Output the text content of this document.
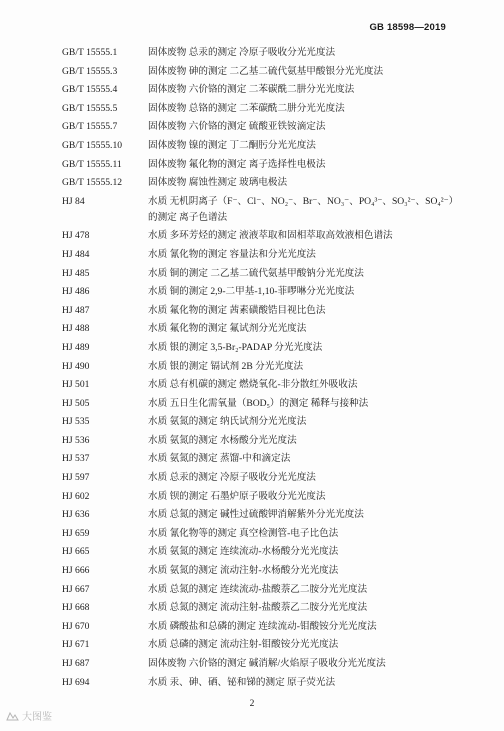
GB 18598—2019
GB/T 15555.1	固体废物 总汞的测定 冷原子吸收分光光度法
GB/T 15555.3	固体废物 砷的测定 二乙基二硫代氨基甲酸银分光光度法
GB/T 15555.4	固体废物 六价铬的测定 二苯碳酰二肼分光光度法
GB/T 15555.5	固体废物 总铬的测定 二苯碳酰二肼分光光度法
GB/T 15555.7	固体废物 六价铬的测定 硫酸亚铁铵滴定法
GB/T 15555.10	固体废物 镍的测定 丁二酮肟分光光度法
GB/T 15555.11	固体废物 氟化物的测定 离子选择性电极法
GB/T 15555.12	固体废物 腐蚀性测定 玻璃电极法
HJ 84	水质 无机阴离子（F⁻、Cl⁻、NO₂⁻、Br⁻、NO₃⁻、PO₄³⁻、SO₃²⁻、SO₄²⁻）
的测定 离子色谱法
HJ 478	水质 多环芳烃的测定 液液萃取和固相萃取高效液相色谱法
HJ 484	水质 氰化物的测定 容量法和分光光度法
HJ 485	水质 铜的测定 二乙基二硫代氨基甲酸钠分光光度法
HJ 486	水质 铜的测定 2,9-二甲基-1,10-菲啰啉分光光度法
HJ 487	水质 氟化物的测定 茜素磺酸锆目视比色法
HJ 488	水质 氟化物的测定 氟试剂分光光度法
HJ 489	水质 银的测定 3,5-Br₂-PADAP 分光光度法
HJ 490	水质 银的测定 镉试剂 2B 分光光度法
HJ 501	水质 总有机碳的测定 燃烧氧化-非分散红外吸收法
HJ 505	水质 五日生化需氧量（BOD₅）的测定 稀释与接种法
HJ 535	水质 氨氮的测定 纳氏试剂分光光度法
HJ 536	水质 氨氮的测定 水杨酸分光光度法
HJ 537	水质 氨氮的测定 蒸馏-中和滴定法
HJ 597	水质 总汞的测定 冷原子吸收分光光度法
HJ 602	水质 钡的测定 石墨炉原子吸收分光光度法
HJ 636	水质 总氮的测定 碱性过硫酸钾消解紫外分光光度法
HJ 659	水质 氰化物等的测定 真空检测管-电子比色法
HJ 665	水质 氨氮的测定 连续流动-水杨酸分光光度法
HJ 666	水质 氨氮的测定 流动注射-水杨酸分光光度法
HJ 667	水质 总氮的测定 连续流动-盐酸萘乙二胺分光光度法
HJ 668	水质 总氮的测定 流动注射-盐酸萘乙二胺分光光度法
HJ 670	水质 磷酸盐和总磷的测定 连续流动-钼酸铵分光光度法
HJ 671	水质 总磷的测定 流动注射-钼酸铵分光光度法
HJ 687	固体废物 六价铬的测定 碱消解/火焰原子吸收分光光度法
HJ 694	水质 汞、砷、硒、铋和锑的测定 原子荧光法
2
大图鉴
